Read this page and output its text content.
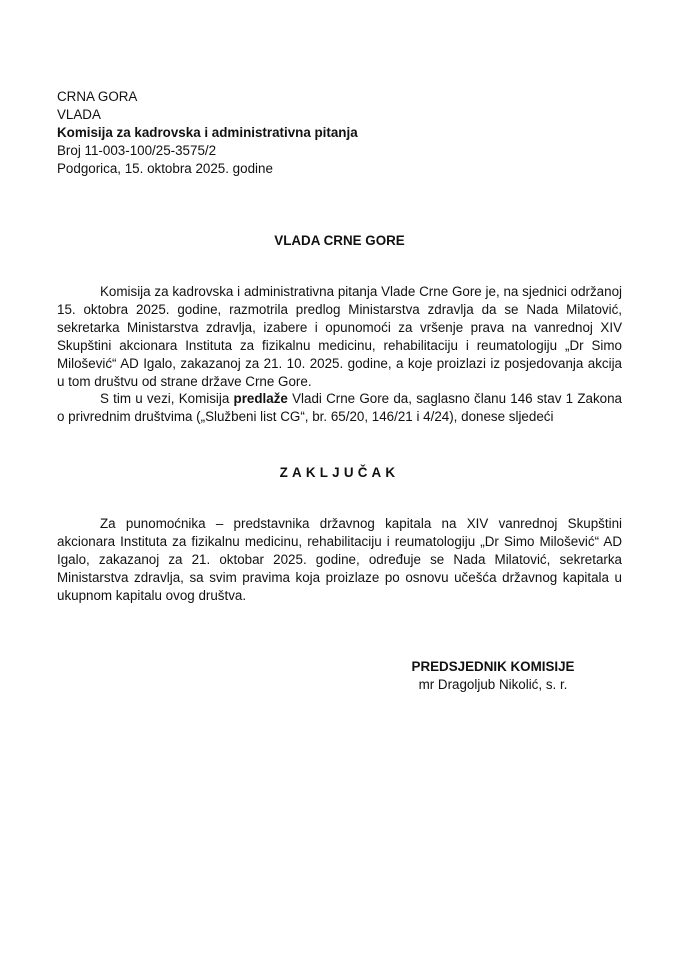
CRNA GORA
VLADA
Komisija za kadrovska i administrativna pitanja
Broj 11-003-100/25-3575/2
Podgorica, 15. oktobra 2025. godine
VLADA CRNE GORE
Komisija za kadrovska i administrativna pitanja Vlade Crne Gore je, na sjednici održanoj 15. oktobra 2025. godine, razmotrila predlog Ministarstva zdravlja da se Nada Milatović, sekretarka Ministarstva zdravlja, izabere i opunomoći za vršenje prava na vanrednoj XIV Skupštini akcionara Instituta za fizikalnu medicinu, rehabilitaciju i reumatologiju „Dr Simo Milošević“ AD Igalo, zakazanoj za 21. 10. 2025. godine, a koje proizlazi iz posjedovanja akcija u tom društvu od strane države Crne Gore.
S tim u vezi, Komisija predlaže Vladi Crne Gore da, saglasno članu 146 stav 1 Zakona o privrednim društvima („Službeni list CG“, br. 65/20, 146/21 i 4/24), donese sljedeći
ZAKLJUČAK
Za punomoćnika – predstavnika državnog kapitala na XIV vanrednoj Skupštini akcionara Instituta za fizikalnu medicinu, rehabilitaciju i reumatologiju „Dr Simo Milošević“ AD Igalo, zakazanoj za 21. oktobar 2025. godine, određuje se Nada Milatović, sekretarka Ministarstva zdravlja, sa svim pravima koja proizlaze po osnovu učešća državnog kapitala u ukupnom kapitalu ovog društva.
PREDSJEDNIK KOMISIJE
mr Dragoljub Nikolić, s. r.
